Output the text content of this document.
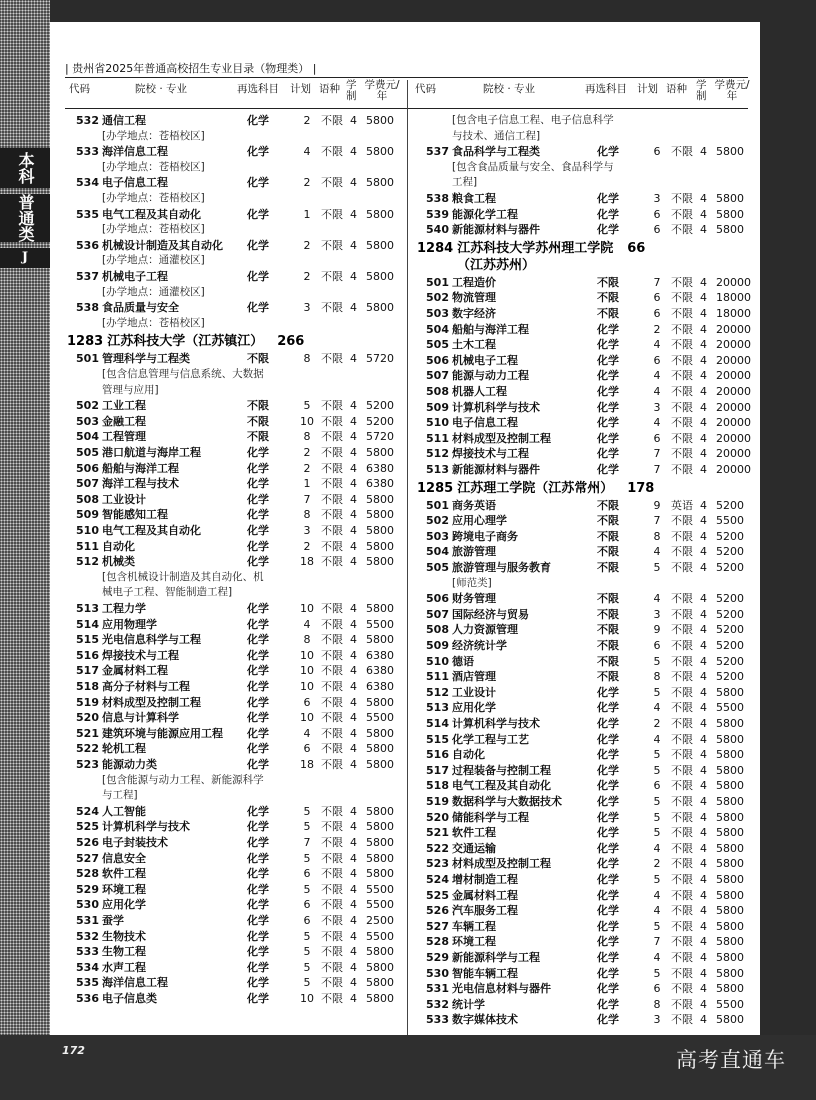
本科
普通类
J
| 贵州省2025年普通高校招生专业目录（物理类） |
代码	院校 · 专业	再选科目 计划 语种 学制
学费元/年
代码	院校 · 专业	再选科目 计划 语种 学制
学费元/年
532 通信工程	化学	2 不限 4 5800
[办学地点：苍梧校区]
533 海洋信息工程	化学	4 不限 4 5800
[办学地点：苍梧校区]
534 电子信息工程	化学	2 不限 4 5800
[办学地点：苍梧校区]
535 电气工程及其自动化	化学	1 不限 4 5800
[办学地点：苍梧校区]
536 机械设计制造及其自动化 化学	2 不限 4 5800
[办学地点：通灌校区]
537 机械电子工程	化学	2 不限 4 5800
[办学地点：通灌校区]
538 食品质量与安全	化学	3 不限 4 5800
[办学地点：苍梧校区]
1283 江苏科技大学（江苏镇江） 266
501 管理科学与工程类	不限	8 不限 4 5720
[包含信息管理与信息系统、大数据
管理与应用]
502 工业工程	不限	5 不限 4 5200
503 金融工程	不限	10 不限 4 5200
504 工程管理	不限	8 不限 4 5720
505 港口航道与海岸工程	化学	2 不限 4 5800
506 船舶与海洋工程	化学	2 不限 4 6380
507 海洋工程与技术	化学	1 不限 4 6380
508 工业设计	化学	7 不限 4 5800
509 智能感知工程	化学	8 不限 4 5800
510 电气工程及其自动化	化学	3 不限 4 5800
511 自动化	化学	2 不限 4 5800
512 机械类	化学	18 不限 4 5800
[包含机械设计制造及其自动化、机
械电子工程、智能制造工程]
513 工程力学	化学	10 不限 4 5800
514 应用物理学	化学	4 不限 4 5500
515 光电信息科学与工程	化学	8 不限 4 5800
516 焊接技术与工程	化学	10 不限 4 6380
517 金属材料工程	化学	10 不限 4 6380
518 高分子材料与工程	化学	10 不限 4 6380
519 材料成型及控制工程	化学	6 不限 4 5800
520 信息与计算科学	化学	10 不限 4 5500
521 建筑环境与能源应用工程 化学	4 不限 4 5800
522 轮机工程	化学	6 不限 4 5800
523 能源动力类	化学	18 不限 4 5800
[包含能源与动力工程、新能源科学
与工程]
524 人工智能	化学	5 不限 4 5800
525 计算机科学与技术	化学	5 不限 4 5800
526 电子封装技术	化学	7 不限 4 5800
527 信息安全	化学	5 不限 4 5800
528 软件工程	化学	6 不限 4 5800
529 环境工程	化学	5 不限 4 5500
530 应用化学	化学	6 不限 4 5500
531 蚕学	化学	6 不限 4 2500
532 生物技术	化学	5 不限 4 5500
533 生物工程	化学	5 不限 4 5800
534 水声工程	化学	5 不限 4 5800
535 海洋信息工程	化学	5 不限 4 5800
536 电子信息类	化学	10 不限 4 5800
[包含电子信息工程、电子信息科学
与技术、通信工程]
537 食品科学与工程类	化学	6 不限 4 5800
[包含食品质量与安全、食品科学与
工程]
538 粮食工程	化学	3 不限 4 5800
539 能源化学工程	化学	6 不限 4 5800
540 新能源材料与器件	化学	6 不限 4 5800
1284 江苏科技大学苏州理工学院 66
（江苏苏州）
501 工程造价	不限	7 不限 4 20000
502 物流管理	不限	6 不限 4 18000
503 数字经济	不限	6 不限 4 18000
504 船舶与海洋工程	化学	2 不限 4 20000
505 土木工程	化学	4 不限 4 20000
506 机械电子工程	化学	6 不限 4 20000
507 能源与动力工程	化学	4 不限 4 20000
508 机器人工程	化学	4 不限 4 20000
509 计算机科学与技术	化学	3 不限 4 20000
510 电子信息工程	化学	4 不限 4 20000
511 材料成型及控制工程	化学	6 不限 4 20000
512 焊接技术与工程	化学	7 不限 4 20000
513 新能源材料与器件	化学	7 不限 4 20000
1285 江苏理工学院（江苏常州） 178
501 商务英语	不限	9 英语 4 5200
502 应用心理学	不限	7 不限 4 5500
503 跨境电子商务	不限	8 不限 4 5200
504 旅游管理	不限	4 不限 4 5200
505 旅游管理与服务教育	不限	5 不限 4 5200
[师范类]
506 财务管理	不限	4 不限 4 5200
507 国际经济与贸易	不限	3 不限 4 5200
508 人力资源管理	不限	9 不限 4 5200
509 经济统计学	不限	6 不限 4 5200
510 德语	不限	5 不限 4 5200
511 酒店管理	不限	8 不限 4 5200
512 工业设计	化学	5 不限 4 5800
513 应用化学	化学	4 不限 4 5500
514 计算机科学与技术	化学	2 不限 4 5800
515 化学工程与工艺	化学	4 不限 4 5800
516 自动化	化学	5 不限 4 5800
517 过程装备与控制工程	化学	5 不限 4 5800
518 电气工程及其自动化	化学	6 不限 4 5800
519 数据科学与大数据技术	化学	5 不限 4 5800
520 储能科学与工程	化学	5 不限 4 5800
521 软件工程	化学	5 不限 4 5800
522 交通运输	化学	4 不限 4 5800
523 材料成型及控制工程	化学	2 不限 4 5800
524 增材制造工程	化学	5 不限 4 5800
525 金属材料工程	化学	4 不限 4 5800
526 汽车服务工程	化学	4 不限 4 5800
527 车辆工程	化学	5 不限 4 5800
528 环境工程	化学	7 不限 4 5800
529 新能源科学与工程	化学	4 不限 4 5800
530 智能车辆工程	化学	5 不限 4 5800
531 光电信息材料与器件	化学	6 不限 4 5800
532 统计学	化学	8 不限 4 5500
533 数字媒体技术	化学	3 不限 4 5800
172	高考直通车
